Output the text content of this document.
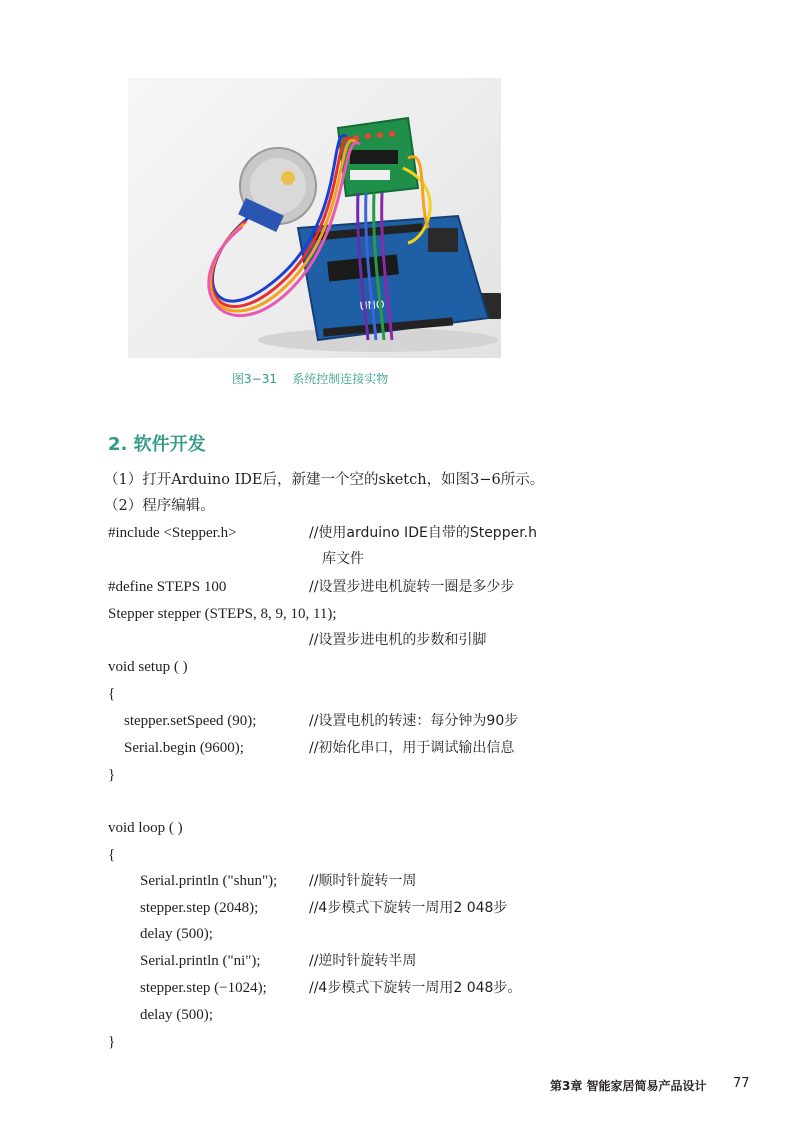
UNO
图3−31    系统控制连接实物
2. 软件开发
（1）打开Arduino IDE后，新建一个空的sketch，如图3−6所示。
（2）程序编辑。
#include <Stepper.h>	//使用arduino IDE自带的Stepper.h
库文件
#define STEPS 100	//设置步进电机旋转一圈是多少步
Stepper stepper (STEPS, 8, 9, 10, 11);
//设置步进电机的步数和引脚
void setup ( )
{
stepper.setSpeed (90);	//设置电机的转速：每分钟为90步
Serial.begin (9600);	//初始化串口，用于调试输出信息
}
void loop ( )
{
Serial.println ("shun"); //顺时针旋转一周
stepper.step (2048);	//4步模式下旋转一周用2 048步
delay (500);
Serial.println ("ni");	//逆时针旋转半周
stepper.step (−1024);	//4步模式下旋转一周用2 048步。
delay (500);
}
第3章 智能家居简易产品设计 77
